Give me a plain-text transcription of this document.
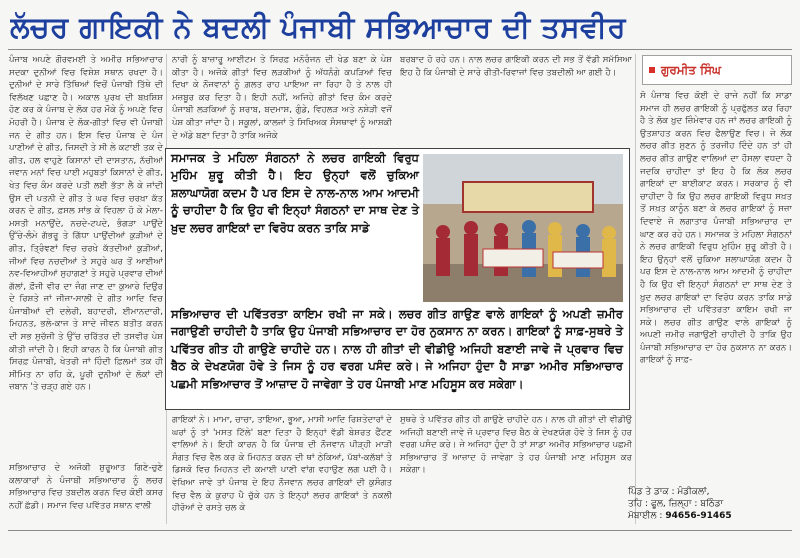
ਲੱਚਰ ਗਾਇਕੀ ਨੇ ਬਦਲੀ ਪੰਜਾਬੀ ਸਭਿਆਚਾਰ ਦੀ ਤਸਵੀਰ
ਗੁਰਮੀਤ ਸਿੰਘ

ਪੰਜਾਬ ਅਪਣੇ ਗੌਰਵਮਈ ਤੇ ਅਮੀਰ ਸਭਿਆਚਾਰ ਸਦਕਾ ਦੁਨੀਆਂ ਵਿਚ ਵਿਸ਼ੇਸ਼ ਸਥਾਨ ਰਖਦਾ ਹੈ। ਦੁਨੀਆਂ ਦੇ ਸਾਰੇ ਤਿੱਥਿਆਂ ਵਿਚੋਂ ਪੰਜਾਬੀ ਤਿੱਥੇ ਦੀ ਵਿਲੱਖਣ ਪਛਾਣ ਹੈ। ਅਕਾਲ ਪੁਰਖ ਦੀ ਬਖ਼ਸ਼ਿਸ਼ ਹੋਣ ਕਰ ਕੇ ਪੰਜਾਬ ਦੇ ਲੋਕ ਹਰ ਮੌਕੇ ਨੂੰ ਅਪਣੇ ਵਿਚ ਮੋਹਰੀ ਹੈ। ਪੰਜਾਬ ਦੇ ਲੋਕ-ਗੀਤਾਂ ਵਿਚ ਵੀ ਪੰਜਾਬੀ ਜਨ ਦੇ ਗੀਤ ਹਨ। ਇਸ ਵਿਚ ਪੰਜਾਬ ਦੇ ਪੰਜ ਪਾਣੀਆਂ ਦੇ ਗੀਤ, ਜਿਸਦੀ ਤੇ ਸੀ ਲੇ ਕਟਾਈ ਤਕ ਦੇ ਗੀਤ, ਹਲ ਵਾਹੁਣੇ ਕਿਸਾਨਾਂ ਦੀ ਦਾਸਤਾਨ, ਨੱਚੀਆਂ ਜਵਾਨ ਮਨਾਂ ਵਿਚ ਪਾਈ ਮਹੁਬਤਾਂ ਕਿਸਾਨਾਂ ਦੇ ਗੀਤ, ਖੇਤ ਵਿਚ ਕੰਮ ਕਰਦੇ ਪਤੀ ਲਈ ਭੱਤਾ ਲੈ ਕੇ ਜਾਂਦੀ ਉਸ ਦੀ ਪਤਨੀ ਦੇ ਗੀਤ ਤੇ ਘਰ ਵਿਚ ਚਰਖ਼ਾ ਕੱਤ ਕਰਨ ਦੇ ਗੀਤ, ਫ਼ਸਲ ਸਾਂਭ ਕੇ ਵਿਹਲਾ ਹੋ ਕੇ ਮੇਲਾ-ਮਸਤੀ ਮਨਾਉਂਦੇ, ਨਚਦੇ-ਟਪਦੇ, ਭੰਗੜਾ ਪਾਉਂਦੇ ਉੱਚੇ-ਲੰਮੇ ਗੱਭਰੂ ਤੇ ਗਿੱਧਾ ਪਾਉਂਦੀਆਂ ਕੁੜੀਆਂ ਦੇ ਗੀਤ, ਤ੍ਰਿੰਞਣਾਂ ਵਿਚ ਚਰਖ਼ੇ ਕੱਤਦੀਆਂ ਕੁੜੀਆਂ, ਜੀਆਂ ਵਿਚ ਨਚਦੀਆਂ ਤੇ ਸਹੁਰੇ ਘਰ ਤੋਂ ਆਈਆਂ ਨਵ-ਵਿਆਹੀਆਂ ਸੁਹਾਗਣਾਂ ਤੇ ਸਹੁਰੇ ਪ੍ਰਵਾਰ ਦੀਆਂ ਗੱਲਾਂ, ਫ਼ੌਜੀ ਵੀਰ ਦਾ ਜੰਗ ਜਾਣ ਦਾ ਕੁਆਰੇ ਦਿਉਰ ਦੇ ਰਿਸ਼ਤੇ ਜਾਂ ਜੀਜਾ-ਸਾਲੀ ਦੇ ਗੀਤ ਆਦਿ ਵਿਚ ਪੰਜਾਬੀਆਂ ਦੀ ਦਲੇਰੀ, ਬਹਾਦਰੀ, ਈਮਾਨਦਾਰੀ, ਮਿਹਨਤ, ਭਲੇ-ਕਾਜ ਤੇ ਸਾਦੇ ਜੀਵਨ ਬਤੀਤ ਕਰਨ ਦੀ ਸਭ ਸੁਚੱਜੀ ਤੇ ਉੱਚ ਚਰਿੱਤਰ ਦੀ ਤਸਵੀਰ ਪੇਸ਼ ਕੀਤੀ ਜਾਂਦੀ ਹੈ। ਇਹੀ ਕਾਰਨ ਹੈ ਕਿ ਪੰਜਾਬੀ ਗੀਤ ਸਿਰਫ਼ ਪੰਜਾਬੀ, ਖੇਤਰੀ ਜਾਂ ਹਿੰਦੀ ਫ਼ਿਲਮਾਂ ਤਕ ਹੀ ਸੀਮਿਤ ਨਾ ਰਹਿ ਕੇ, ਪੂਰੀ ਦੁਨੀਆਂ ਦੇ ਲੋਕਾਂ ਦੀ ਜ਼ਬਾਨ 'ਤੇ ਚੜ੍ਹ ਗਏ ਹਨ।

ਨਾਰੀ ਨੂੰ ਬਾਜ਼ਾਰੂ ਆਈਟਮ ਤੇ ਸਿਰਫ਼ ਮਨੋਰੰਜਨ ਦੀ ਖੇਡ ਬਣਾ ਕੇ ਪੇਸ਼ ਕੀਤਾ ਹੈ। ਅਜੋਕੇ ਗੀਤਾਂ ਵਿਚ ਲੜਕੀਆਂ ਨੂੰ ਅੱਧਨੰਗੇ ਕਪੜਿਆਂ ਵਿਚ ਦਿਖਾ ਕੇ ਨੌਜਵਾਨਾਂ ਨੂੰ ਗ਼ਲਤ ਰਾਹ ਪਾਇਆ ਜਾ ਰਿਹਾ ਹੈ ਤੇ ਨਾਲ ਹੀ ਮਜ਼ਬੂਰ ਕਰ ਦਿਤਾ ਹੈ। ਇਹੀ ਨਹੀਂ, ਅਜਿਹੇ ਗੀਤਾਂ ਵਿਚ ਕੰਮ ਕਰਦੇ ਪੰਜਾਬੀ ਲੜਕਿਆਂ ਨੂੰ ਸ਼ਰਾਬ, ਬਦਮਾਸ਼, ਗੁੰਡੇ, ਵਿਹਲੜ ਅਤੇ ਨਸ਼ੇੜੀ ਵਜੋਂ ਪੇਸ਼ ਕੀਤਾ ਜਾਂਦਾ ਹੈ। ਸਕੂਲਾਂ, ਕਾਲਜਾਂ ਤੇ ਸਿਖਿਅਕ ਸੰਸਥਾਵਾਂ ਨੂੰ ਆਸ਼ਕੀ ਦੇ ਅੱਡੇ ਬਣਾ ਦਿਤਾ ਹੈ ਤਾਕਿ ਅਜੋਕੇ

ਬਰਬਾਦ ਹੋ ਰਹੇ ਹਨ। ਨਾਲ ਲਚਰ ਗਾਇਕੀ ਕਰਨ ਦੀ ਸਭ ਤੋਂ ਵੱਡੀ ਸਮੱਸਿਆ ਇਹ ਹੈ ਕਿ ਪੰਜਾਬੀ ਦੇ ਸਾਰੇ ਰੀਤੀ-ਰਿਵਾਜਾਂ ਵਿਚ ਤਬਦੀਲੀ ਆ ਗਈ ਹੈ।

ਸੋ ਪੰਜਾਬ ਵਿਚ ਕੋਈ ਦੇ ਰਾਜੇ ਨਹੀਂ ਕਿ ਸਾਡਾ ਸਮਾਜ ਹੀ ਲਚਰ ਗਾਇਕੀ ਨੂੰ ਪ੍ਰਫੁੱਲਤ ਕਰ ਰਿਹਾ ਹੈ ਤੇ ਲੋਕ ਖ਼ੁਦ ਜ਼ਿੰਮੇਵਾਰ ਹਨ ਜਾਂ ਲਚਰ ਗਾਇਕੀ ਨੂੰ ਉਤਸ਼ਾਹਤ ਕਰਨ ਵਿਚ ਫੈਲਾਉਣ ਵਿਚ। ਜੇ ਲੋਕ ਲਚਰ ਗੀਤ ਸੁਣਨ ਨੂੰ ਤਰਜੀਹ ਦਿੰਦੇ ਹਨ ਤਾਂ ਹੀ ਲਚਰ ਗੀਤ ਗਾਉਣ ਵਾਲਿਆਂ ਦਾ ਹੌਸਲਾ ਵਧਦਾ ਹੈ ਜਦਕਿ ਚਾਹੀਦਾ ਤਾਂ ਇਹ ਹੈ ਕਿ ਲੋਕ ਲਚਰ ਗਾਇਕਾਂ ਦਾ ਬਾਈਕਾਟ ਕਰਨ। ਸਰਕਾਰ ਨੂੰ ਵੀ ਚਾਹੀਦਾ ਹੈ ਕਿ ਉਹ ਲਚਰ ਗਾਇਕੀ ਵਿਰੁਧ ਸਖ਼ਤ ਤੋਂ ਸਖ਼ਤ ਕਾਨੂੰਨ ਬਣਾ ਕੇ ਲਚਰ ਗਾਇਕਾਂ ਨੂੰ ਸਜ਼ਾ ਦਿਵਾਏ ਜੋ ਲਗਾਤਾਰ ਪੰਜਾਬੀ ਸਭਿਆਚਾਰ ਦਾ ਘਾਣ ਕਰ ਰਹੇ ਹਨ। ਸਮਾਜਕ ਤੇ ਮਹਿਲਾ ਸੰਗਠਨਾਂ ਨੇ ਲਚਰ ਗਾਇਕੀ ਵਿਰੁਧ ਮੁਹਿੰਮ ਸ਼ੁਰੂ ਕੀਤੀ ਹੈ। ਇਹ ਉਨ੍ਹਾਂ ਵਲੋਂ ਚੁਕਿਆ ਸ਼ਲਾਘਾਯੋਗ ਕਦਮ ਹੈ ਪਰ ਇਸ ਦੇ ਨਾਲ-ਨਾਲ ਆਮ ਆਦਮੀ ਨੂੰ ਚਾਹੀਦਾ ਹੈ ਕਿ ਉਹ ਵੀ ਇਨ੍ਹਾਂ ਸੰਗਠਨਾਂ ਦਾ ਸਾਥ ਦੇਣ ਤੇ ਖ਼ੁਦ ਲਚਰ ਗਾਇਕਾਂ ਦਾ ਵਿਰੋਧ ਕਰਨ ਤਾਕਿ ਸਾਡੇ ਸਭਿਆਚਾਰ ਦੀ ਪਵਿੱਤਰਤਾ ਕਾਇਮ ਰਖੀ ਜਾ ਸਕੇ। ਲਚਰ ਗੀਤ ਗਾਉਣ ਵਾਲੇ ਗਾਇਕਾਂ ਨੂੰ ਅਪਣੀ ਜ਼ਮੀਰ ਜਗਾਉਣੀ ਚਾਹੀਦੀ ਹੈ ਤਾਕਿ ਉਹ ਪੰਜਾਬੀ ਸਭਿਆਚਾਰ ਦਾ ਹੋਰ ਨੁਕਸਾਨ ਨਾ ਕਰਨ। ਗਾਇਕਾਂ ਨੂੰ ਸਾਫ਼-

ਸਮਾਜਕ ਤੇ ਮਹਿਲਾ ਸੰਗਠਨਾਂ ਨੇ ਲਚਰ ਗਾਇਕੀ ਵਿਰੁਧ ਮੁਹਿੰਮ ਸ਼ੁਰੂ ਕੀਤੀ ਹੈ। ਇਹ ਉਨ੍ਹਾਂ ਵਲੋਂ ਚੁਕਿਆ ਸ਼ਲਾਘਾਯੋਗ ਕਦਮ ਹੈ ਪਰ ਇਸ ਦੇ ਨਾਲ-ਨਾਲ ਆਮ ਆਦਮੀ ਨੂੰ ਚਾਹੀਦਾ ਹੈ ਕਿ ਉਹ ਵੀ ਇਨ੍ਹਾਂ ਸੰਗਠਨਾਂ ਦਾ ਸਾਥ ਦੇਣ ਤੇ ਖ਼ੁਦ ਲਚਰ ਗਾਇਕਾਂ ਦਾ ਵਿਰੋਧ ਕਰਨ ਤਾਕਿ ਸਾਡੇ
ਸਭਿਆਚਾਰ ਦੀ ਪਵਿੱਤਰਤਾ ਕਾਇਮ ਰਖੀ ਜਾ ਸਕੇ। ਲਚਰ ਗੀਤ ਗਾਉਣ ਵਾਲੇ ਗਾਇਕਾਂ ਨੂੰ ਅਪਣੀ ਜ਼ਮੀਰ ਜਗਾਉਣੀ ਚਾਹੀਦੀ ਹੈ ਤਾਕਿ ਉਹ ਪੰਜਾਬੀ ਸਭਿਆਚਾਰ ਦਾ ਹੋਰ ਨੁਕਸਾਨ ਨਾ ਕਰਨ। ਗਾਇਕਾਂ ਨੂੰ ਸਾਫ਼-ਸੁਥਰੇ ਤੇ ਪਵਿੱਤਰ ਗੀਤ ਹੀ ਗਾਉਣੇ ਚਾਹੀਦੇ ਹਨ। ਨਾਲ ਹੀ ਗੀਤਾਂ ਦੀ ਵੀਡੀਉ ਅਜਿਹੀ ਬਣਾਈ ਜਾਵੇ ਜੋ ਪ੍ਰਵਾਰ ਵਿਚ ਬੈਠ ਕੇ ਦੇਖਣਯੋਗ ਹੋਵੇ ਤੇ ਜਿਸ ਨੂੰ ਹਰ ਵਰਗ ਪਸੰਦ ਕਰੇ। ਜੇ ਅਜਿਹਾ ਹੁੰਦਾ ਹੈ ਸਾਡਾ ਅਮੀਰ ਸਭਿਆਚਾਰ ਪਛਮੀ ਸਭਿਆਚਾਰ ਤੋਂ ਆਜ਼ਾਦ ਹੋ ਜਾਵੇਗਾ ਤੇ ਹਰ ਪੰਜਾਬੀ ਮਾਣ ਮਹਿਸੂਸ ਕਰ ਸਕੇਗਾ।

ਸਭਿਆਚਾਰ ਦੇ ਅਜੋਕੀ ਸ਼ੁਰੂਆਤ ਗਿਣੇ-ਚੁਣੇ ਕਲਾਕਾਰਾਂ ਨੇ ਪੰਜਾਬੀ ਸਭਿਆਚਾਰ ਨੂੰ ਲਚਰ ਸਭਿਆਚਾਰ ਵਿਚ ਤਬਦੀਲ ਕਰਨ ਵਿਚ ਕੋਈ ਕਸਰ ਨਹੀਂ ਛੱਡੀ। ਸਮਾਜ ਵਿਚ ਪਵਿੱਤਰ ਸਥਾਨ ਵਾਲੀ

ਗਾਇਕਾਂ ਨੇ। ਮਾਮਾ, ਚਾਚਾ, ਤਾਇਆ, ਭੂਆ, ਮਾਸੀ ਆਦਿ ਰਿਸ਼ਤੇਦਾਰਾਂ ਦੇ ਘਰਾਂ ਨੂੰ ਤਾਂ 'ਮਸਤ ਟਿੱਲੇ' ਬਣਾ ਦਿਤਾ ਹੈ ਇਨ੍ਹਾਂ ਵੱਡੀ ਬੇਸ਼ਰਤ ਫੈਂਟਣ ਵਾਲਿਆਂ ਨੇ। ਇਹੀ ਕਾਰਨ ਹੈ ਕਿ ਪੰਜਾਬ ਦੀ ਨੌਜਵਾਨ ਪੀੜ੍ਹੀ ਮਾੜੀ ਸੰਗਤ ਵਿਚ ਵੈਲ ਕਰ ਕੇ ਮਿਹਨਤ ਕਰਨ ਦੀ ਥਾਂ ਠੇਕਿਆਂ, ਪੱਬਾਂ-ਕਲੱਬਾਂ ਤੇ ਡਿਸਕੋ ਵਿਚ ਮਿਹਨਤ ਦੀ ਕਮਾਈ ਪਾਣੀ ਵਾਂਗ ਵਹਾਉਣ ਲਗ ਪਈ ਹੈ। ਵੇਖਿਆ ਜਾਵੇ ਤਾਂ ਪੰਜਾਬ ਦੇ ਇਹ ਨੌਜਵਾਨ ਲਚਰ ਗਾਇਕਾਂ ਦੀ ਕੁਸੰਗਤ ਵਿਚ ਵੈਲ ਕੇ ਕੁਰਾਹ ਪੈ ਚੁੱਕੇ ਹਨ ਤੇ ਇਨ੍ਹਾਂ ਲਚਰ ਗਾਇਕਾਂ ਤੇ ਨਕਲੀ ਹੀਰੋਆਂ ਦੇ ਰਸਤੇ ਚਲ ਕੇ

ਸੁਥਰੇ ਤੇ ਪਵਿੱਤਰ ਗੀਤ ਹੀ ਗਾਉਣੇ ਚਾਹੀਦੇ ਹਨ। ਨਾਲ ਹੀ ਗੀਤਾਂ ਦੀ ਵੀਡੀਉ ਅਜਿਹੀ ਬਣਾਈ ਜਾਵੇ ਜੋ ਪ੍ਰਵਾਰ ਵਿਚ ਬੈਠ ਕੇ ਦੇਖਣਯੋਗ ਹੋਵੇ ਤੇ ਜਿਸ ਨੂੰ ਹਰ ਵਰਗ ਪਸੰਦ ਕਰੇ। ਜੇ ਅਜਿਹਾ ਹੁੰਦਾ ਹੈ ਤਾਂ ਸਾਡਾ ਅਮੀਰ ਸਭਿਆਚਾਰ ਪਛਮੀ ਸਭਿਆਚਾਰ ਤੋਂ ਆਜ਼ਾਦ ਹੋ ਜਾਵੇਗਾ ਤੇ ਹਰ ਪੰਜਾਬੀ ਮਾਣ ਮਹਿਸੂਸ ਕਰ ਸਕੇਗਾ।

ਪਿੰਡ ਤੇ ਡਾਕ : ਮੰਡੀਕਲਾਂ,
ਤਹਿ : ਫੂਲ, ਜ਼ਿਲ੍ਹਾ : ਬਠਿੰਡਾ
ਮੋਬਾਈਲ : 94656-91465
